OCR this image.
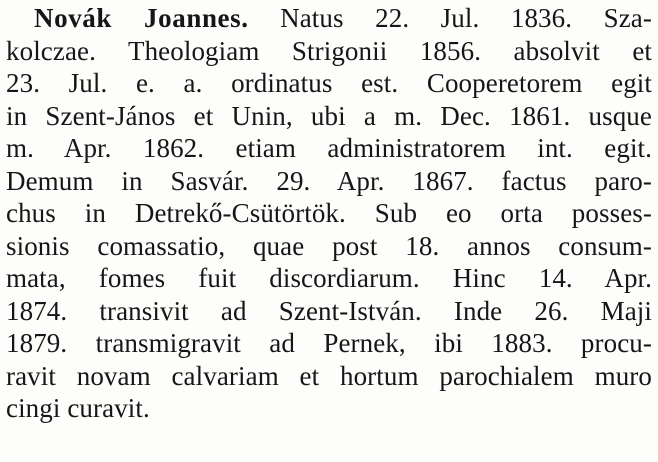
Novák Joannes. Natus 22. Jul. 1836. Sza-
kolczae. Theologiam Strigonii 1856. absolvit et
23. Jul. e. a. ordinatus est. Cooperetorem egit
in Szent-János et Unin, ubi a m. Dec. 1861. usque
m. Apr. 1862. etiam administratorem int. egit.
Demum in Sasvár. 29. Apr. 1867. factus paro-
chus in Detrekő-Csütörtök. Sub eo orta posses-
sionis comassatio, quae post 18. annos consum-
mata, fomes fuit discordiarum. Hinc 14. Apr.
1874. transivit ad Szent-István. Inde 26. Maji
1879. transmigravit ad Pernek, ibi 1883. procu-
ravit novam calvariam et hortum parochialem muro
cingi curavit.
